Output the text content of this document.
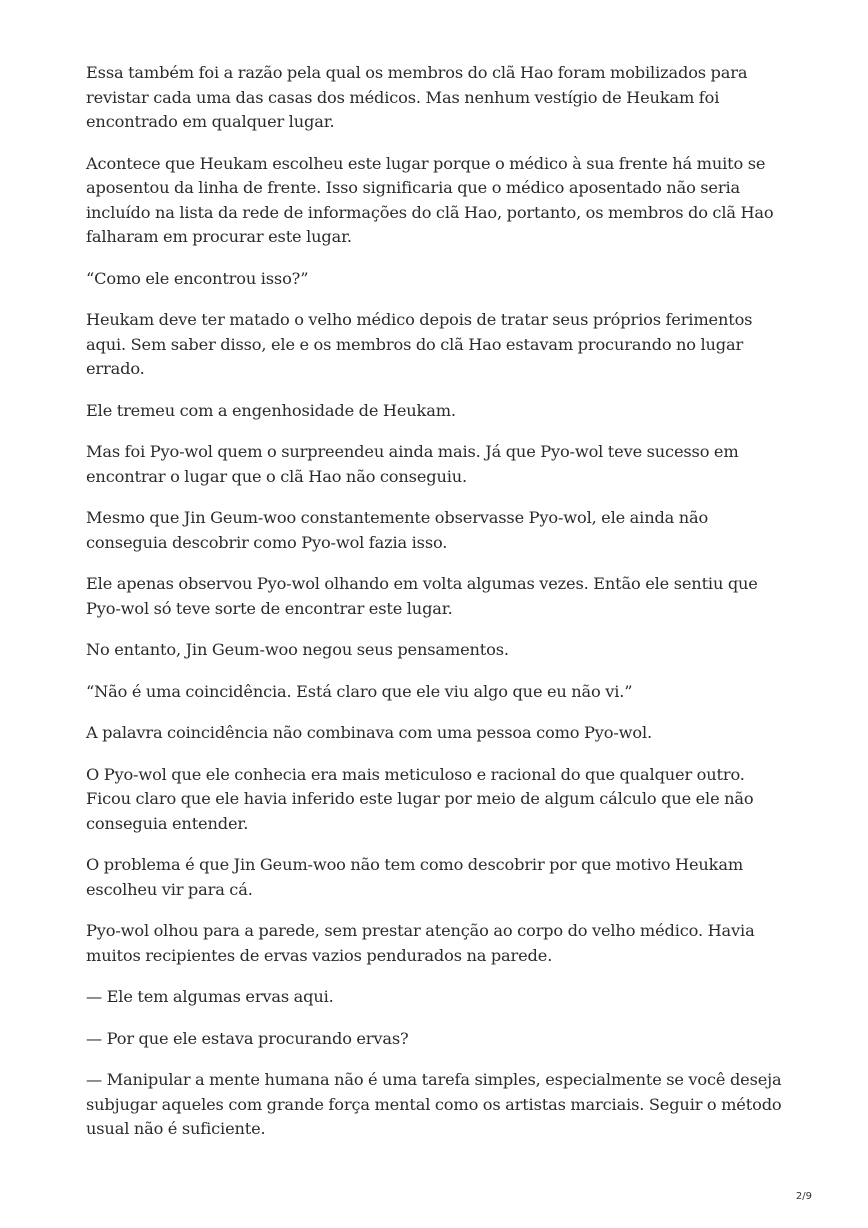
Essa também foi a razão pela qual os membros do clã Hao foram mobilizados para revistar cada uma das casas dos médicos. Mas nenhum vestígio de Heukam foi encontrado em qualquer lugar.

Acontece que Heukam escolheu este lugar porque o médico à sua frente há muito se aposentou da linha de frente. Isso significaria que o médico aposentado não seria incluído na lista da rede de informações do clã Hao, portanto, os membros do clã Hao falharam em procurar este lugar.

“Como ele encontrou isso?”

Heukam deve ter matado o velho médico depois de tratar seus próprios ferimentos aqui. Sem saber disso, ele e os membros do clã Hao estavam procurando no lugar errado.

Ele tremeu com a engenhosidade de Heukam.

Mas foi Pyo-wol quem o surpreendeu ainda mais. Já que Pyo-wol teve sucesso em encontrar o lugar que o clã Hao não conseguiu.

Mesmo que Jin Geum-woo constantemente observasse Pyo-wol, ele ainda não conseguia descobrir como Pyo-wol fazia isso.

Ele apenas observou Pyo-wol olhando em volta algumas vezes. Então ele sentiu que Pyo-wol só teve sorte de encontrar este lugar.

No entanto, Jin Geum-woo negou seus pensamentos.

“Não é uma coincidência. Está claro que ele viu algo que eu não vi.”

A palavra coincidência não combinava com uma pessoa como Pyo-wol.

O Pyo-wol que ele conhecia era mais meticuloso e racional do que qualquer outro. Ficou claro que ele havia inferido este lugar por meio de algum cálculo que ele não conseguia entender.

O problema é que Jin Geum-woo não tem como descobrir por que motivo Heukam escolheu vir para cá.

Pyo-wol olhou para a parede, sem prestar atenção ao corpo do velho médico. Havia muitos recipientes de ervas vazios pendurados na parede.

— Ele tem algumas ervas aqui.

— Por que ele estava procurando ervas?

— Manipular a mente humana não é uma tarefa simples, especialmente se você deseja subjugar aqueles com grande força mental como os artistas marciais. Seguir o método usual não é suficiente.

2/9
